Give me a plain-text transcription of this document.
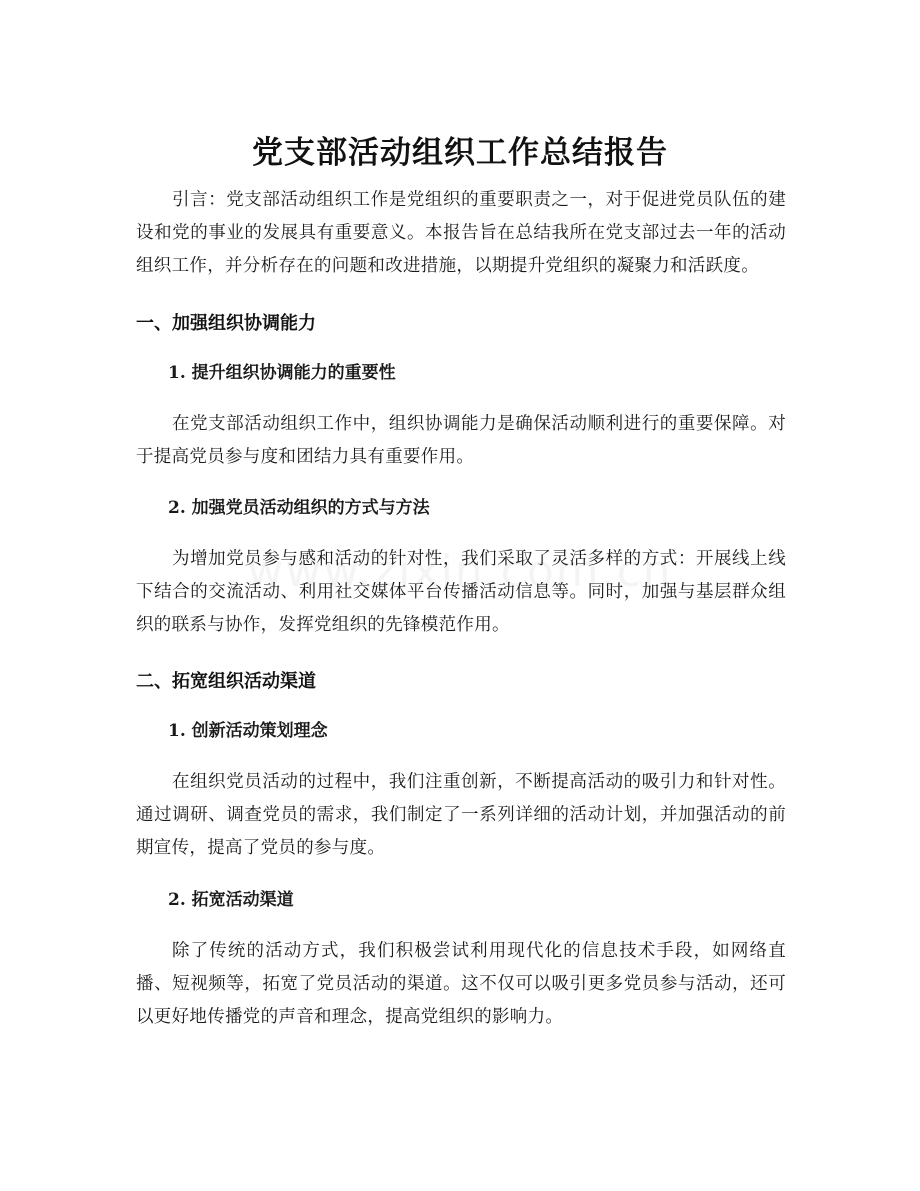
党支部活动组织工作总结报告

引言：党支部活动组织工作是党组织的重要职责之一，对于促进党员队伍的建设和党的事业的发展具有重要意义。本报告旨在总结我所在党支部过去一年的活动组织工作，并分析存在的问题和改进措施，以期提升党组织的凝聚力和活跃度。

一、加强组织协调能力
1. 提升组织协调能力的重要性

在党支部活动组织工作中，组织协调能力是确保活动顺利进行的重要保障。对于提高党员参与度和团结力具有重要作用。

2. 加强党员活动组织的方式与方法

为增加党员参与感和活动的针对性，我们采取了灵活多样的方式：开展线上线下结合的交流活动、利用社交媒体平台传播活动信息等。同时，加强与基层群众组织的联系与协作，发挥党组织的先锋模范作用。

二、拓宽组织活动渠道
1. 创新活动策划理念

在组织党员活动的过程中，我们注重创新，不断提高活动的吸引力和针对性。通过调研、调查党员的需求，我们制定了一系列详细的活动计划，并加强活动的前期宣传，提高了党员的参与度。

2. 拓宽活动渠道

除了传统的活动方式，我们积极尝试利用现代化的信息技术手段，如网络直播、短视频等，拓宽了党员活动的渠道。这不仅可以吸引更多党员参与活动，还可以更好地传播党的声音和理念，提高党组织的影响力。
